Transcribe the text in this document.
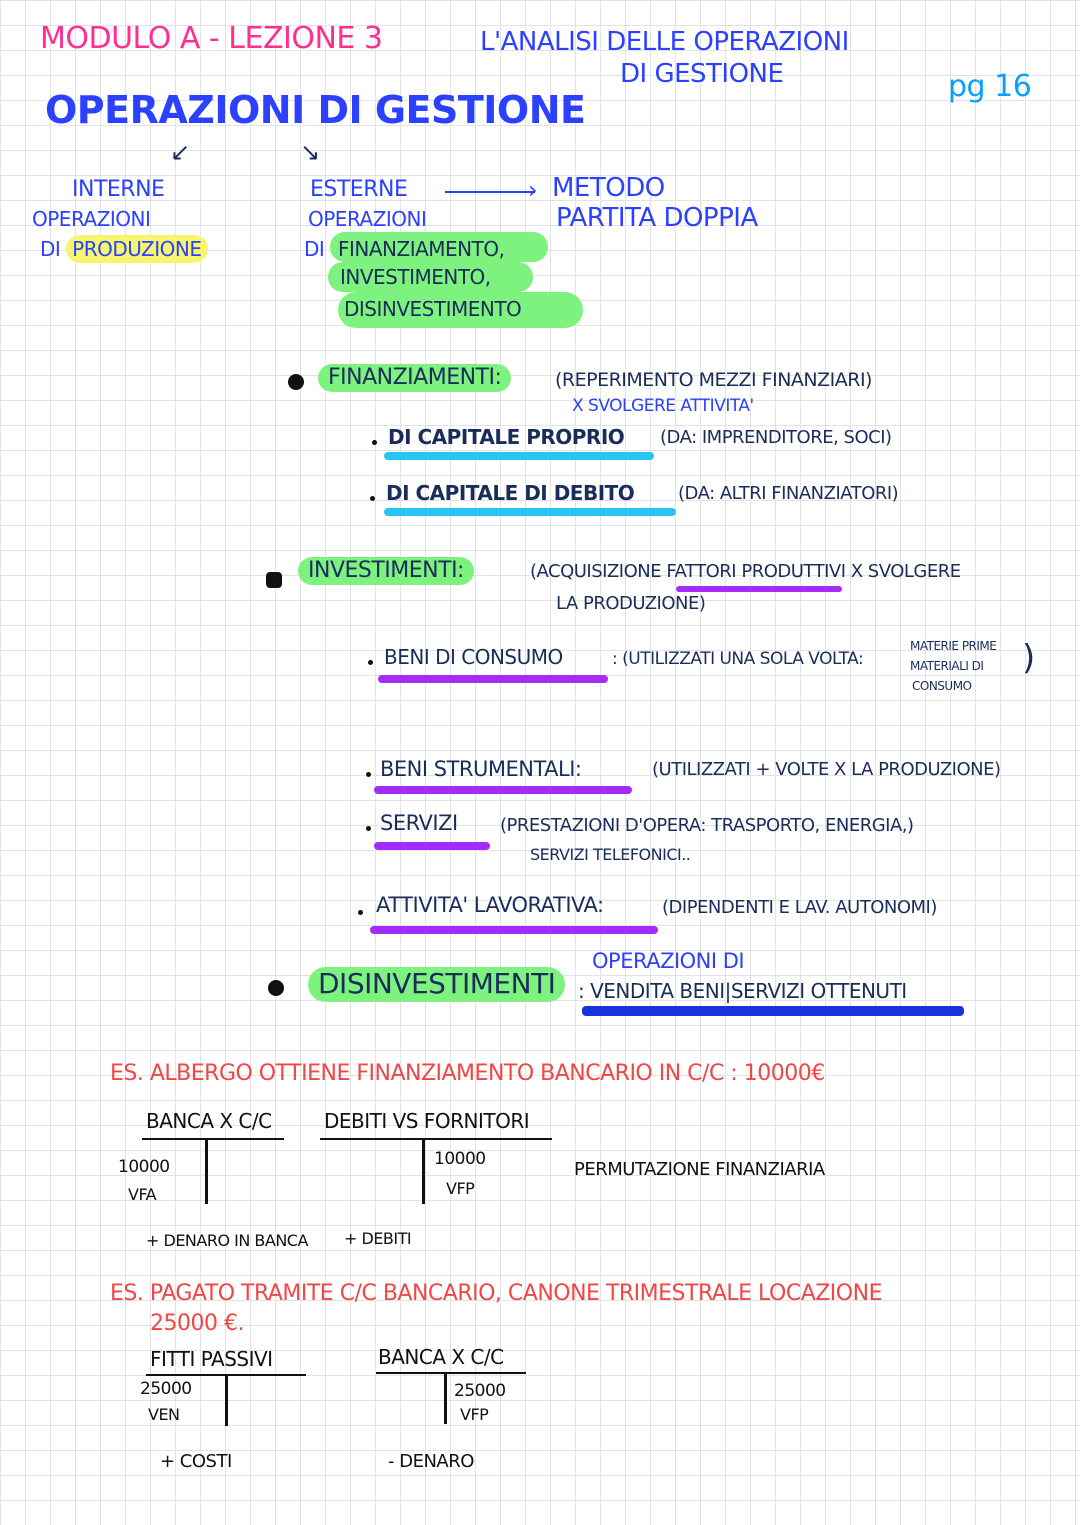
MODULO A - LEZIONE 3	L'ANALISI DELLE OPERAZIONI
DI GESTIONE	pg 16
OPERAZIONI DI GESTIONE
↙	↘
INTERNE
OPERAZIONI
DI PRODUZIONE
ESTERNE	› METODO
PARTITA DOPPIA
OPERAZIONI
DI FINANZIAMENTO,
INVESTIMENTO,
DISINVESTIMENTO
FINANZIAMENTI:	(REPERIMENTO MEZZI FINANZIARI)
X SVOLGERE ATTIVITA'
DI CAPITALE PROPRIO (DA: IMPRENDITORE, SOCI)
DI CAPITALE DI DEBITO (DA: ALTRI FINANZIATORI)
INVESTIMENTI:	(ACQUISIZIONE FATTORI PRODUTTIVI X SVOLGERE
LA PRODUZIONE)
BENI DI CONSUMO	: (UTILIZZATI UNA SOLA VOLTA:
MATERIE PRIME
MATERIALI DI
CONSUMO
)
BENI STRUMENTALI:	(UTILIZZATI + VOLTE X LA PRODUZIONE)
SERVIZI (PRESTAZIONI D'OPERA: TRASPORTO, ENERGIA,)
SERVIZI TELEFONICI..
ATTIVITA' LAVORATIVA:	(DIPENDENTI E LAV. AUTONOMI)
DISINVESTIMENTI
OPERAZIONI DI
: VENDITA BENI|SERVIZI OTTENUTI
ES. ALBERGO OTTIENE FINANZIAMENTO BANCARIO IN C/C : 10000€
BANCA X C/C
10000
VFA
DEBITI VS FORNITORI
10000
VFP
PERMUTAZIONE FINANZIARIA
+ DENARO IN BANCA + DEBITI
ES. PAGATO TRAMITE C/C BANCARIO, CANONE TRIMESTRALE LOCAZIONE
25000 €.
FITTI PASSIVI
25000
VEN
BANCA X C/C
25000
VFP
+ COSTI	- DENARO
